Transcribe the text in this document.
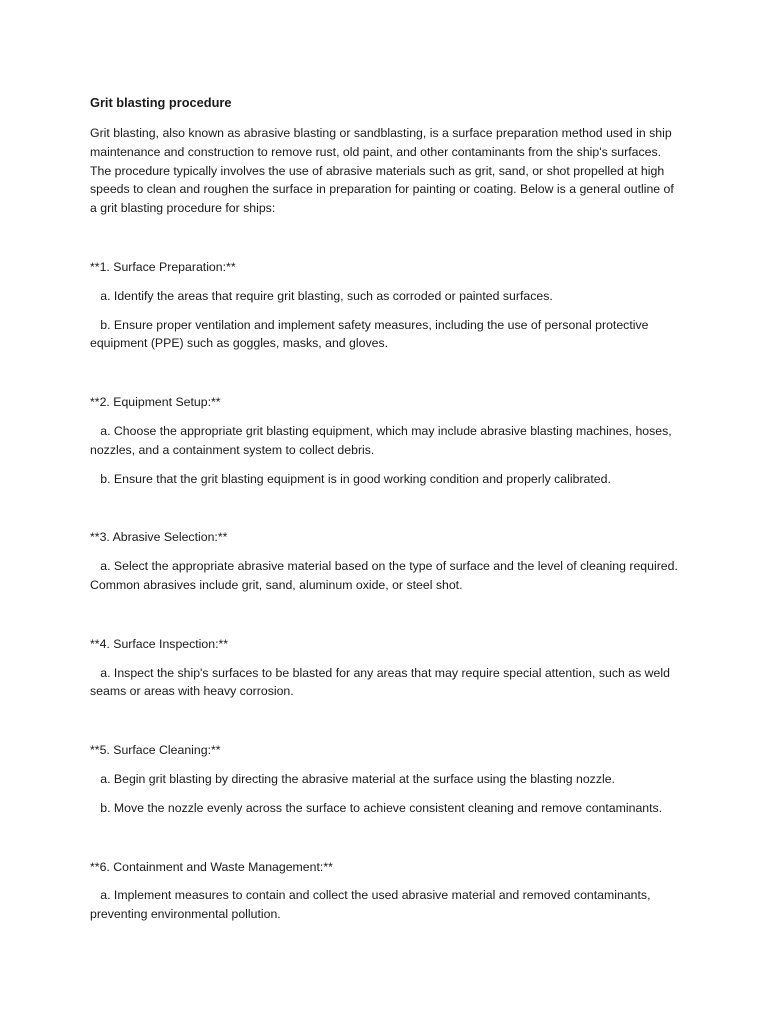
Grit blasting procedure

Grit blasting, also known as abrasive blasting or sandblasting, is a surface preparation method used in ship maintenance and construction to remove rust, old paint, and other contaminants from the ship's surfaces. The procedure typically involves the use of abrasive materials such as grit, sand, or shot propelled at high speeds to clean and roughen the surface in preparation for painting or coating. Below is a general outline of a grit blasting procedure for ships:

**1. Surface Preparation:**

a. Identify the areas that require grit blasting, such as corroded or painted surfaces.

b. Ensure proper ventilation and implement safety measures, including the use of personal protective equipment (PPE) such as goggles, masks, and gloves.

**2. Equipment Setup:**

a. Choose the appropriate grit blasting equipment, which may include abrasive blasting machines, hoses, nozzles, and a containment system to collect debris.

b. Ensure that the grit blasting equipment is in good working condition and properly calibrated.

**3. Abrasive Selection:**

a. Select the appropriate abrasive material based on the type of surface and the level of cleaning required. Common abrasives include grit, sand, aluminum oxide, or steel shot.

**4. Surface Inspection:**

a. Inspect the ship's surfaces to be blasted for any areas that may require special attention, such as weld seams or areas with heavy corrosion.

**5. Surface Cleaning:**

a. Begin grit blasting by directing the abrasive material at the surface using the blasting nozzle.

b. Move the nozzle evenly across the surface to achieve consistent cleaning and remove contaminants.

**6. Containment and Waste Management:**

a. Implement measures to contain and collect the used abrasive material and removed contaminants, preventing environmental pollution.
